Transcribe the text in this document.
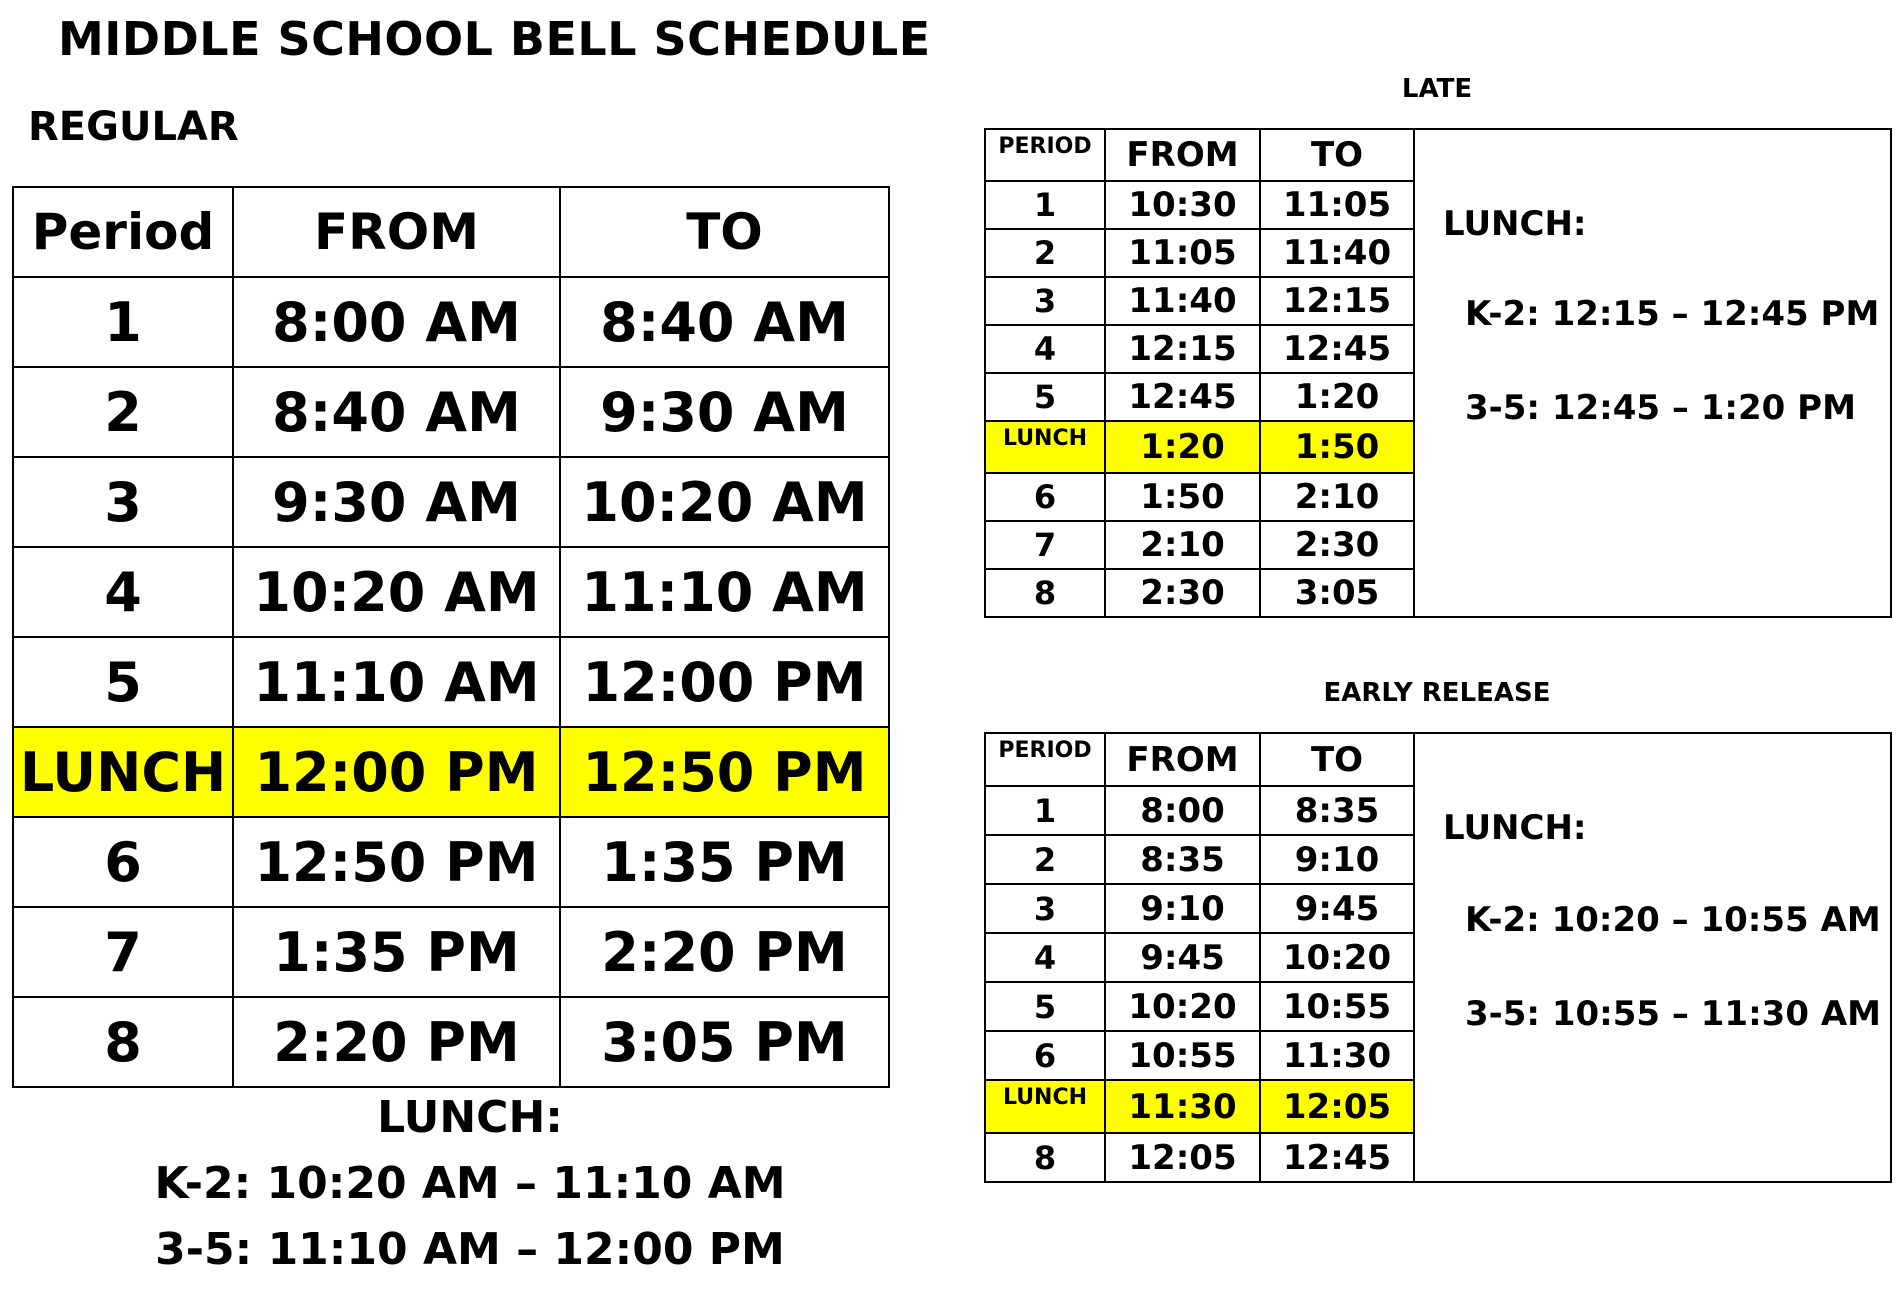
MIDDLE SCHOOL BELL SCHEDULE
REGULAR
Period	FROM	TO
1	8:00 AM	8:40 AM
2	8:40 AM	9:30 AM
3	9:30 AM	10:20 AM
4	10:20 AM	11:10 AM
5	11:10 AM	12:00 PM
LUNCH	12:00 PM	12:50 PM
6	12:50 PM	1:35 PM
7	1:35 PM	2:20 PM
8	2:20 PM	3:05 PM
LUNCH:
K-2: 10:20 AM – 11:10 AM
3-5: 11:10 AM – 12:00 PM
LATE
PERIOD	FROM	TO	LUNCH:
K-2: 12:15 – 12:45 PM
3-5: 12:45 – 1:20 PM

1	10:30	11:05	
2	11:05	11:40	
3	11:40	12:15	
4	12:15	12:45	
5	12:45	1:20	
LUNCH	1:20	1:50	
6	1:50	2:10	
7	2:10	2:30	
8	2:30	3:05	
EARLY RELEASE
PERIOD	FROM	TO	LUNCH:
K-2: 10:20 – 10:55 AM
3-5: 10:55 – 11:30 AM

1	8:00	8:35	
2	8:35	9:10	
3	9:10	9:45	
4	9:45	10:20	
5	10:20	10:55	
6	10:55	11:30	
LUNCH	11:30	12:05	
8	12:05	12:45	
